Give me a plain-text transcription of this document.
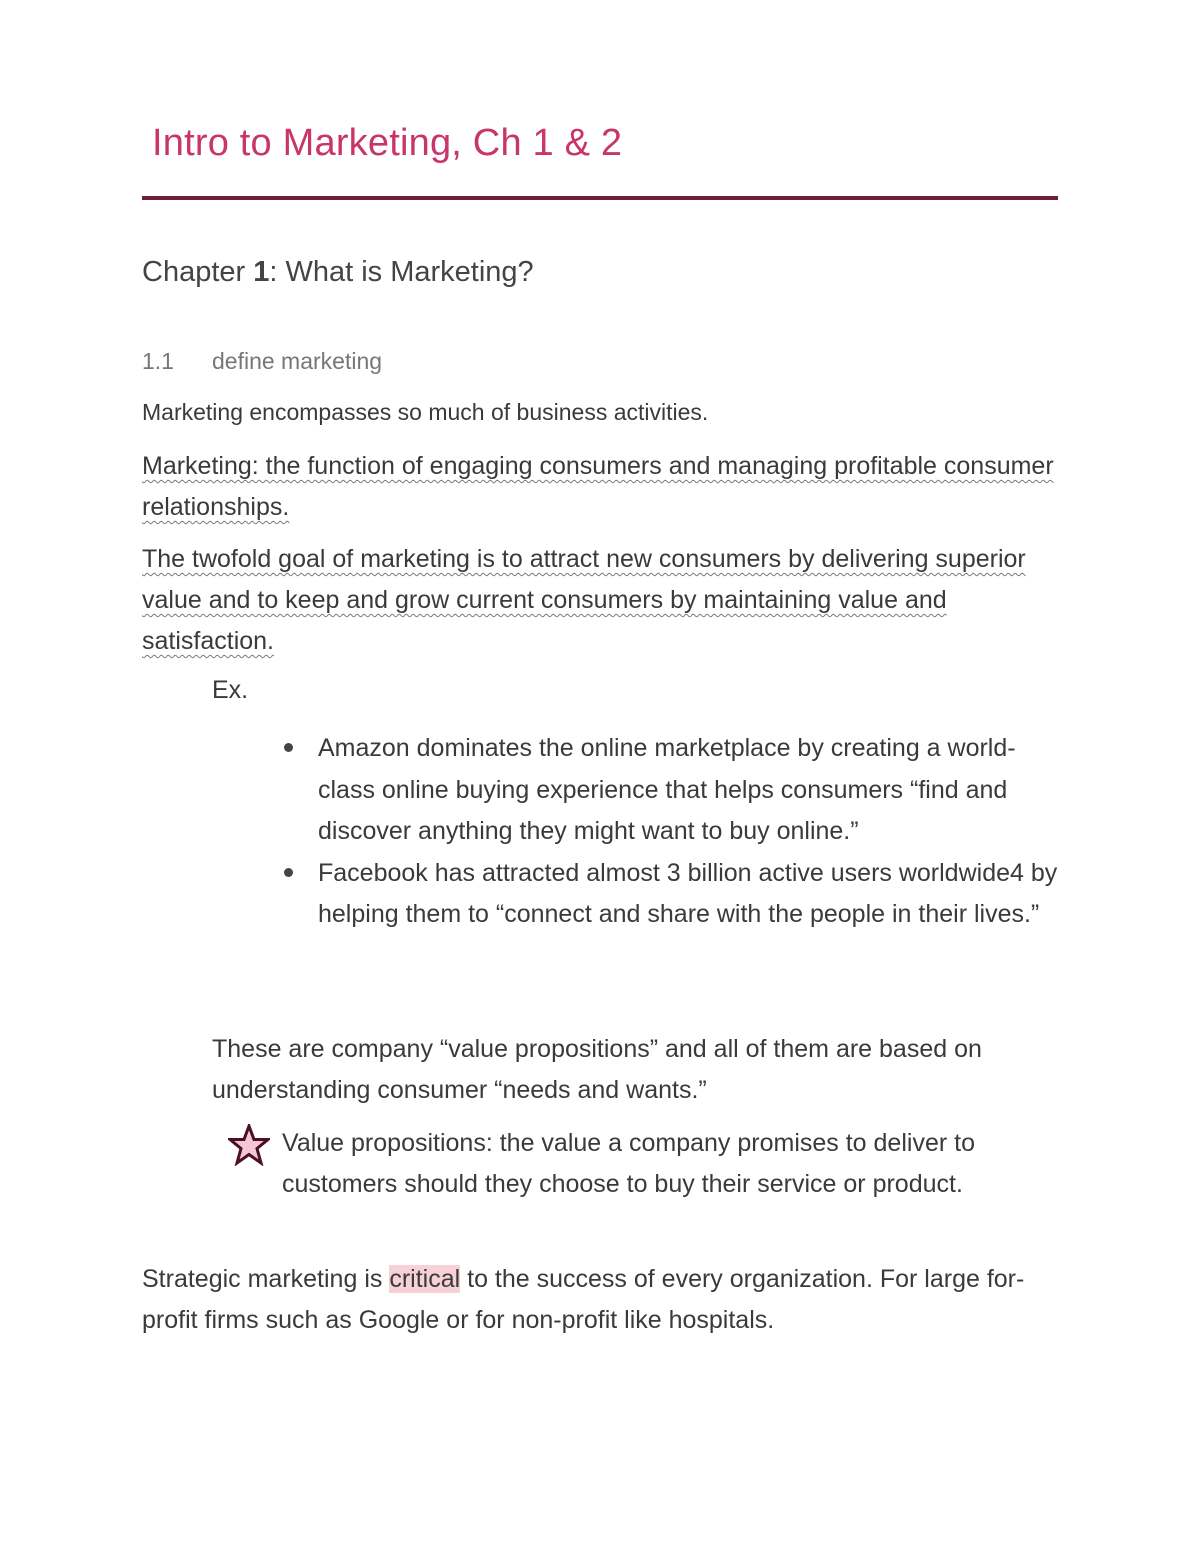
Intro to Marketing, Ch 1 & 2
Chapter 1: What is Marketing?
1.1 define marketing
Marketing encompasses so much of business activities.
Marketing: the function of engaging consumers and managing profitable consumer relationships.
The twofold goal of marketing is to attract new consumers by delivering superior value and to keep and grow current consumers by maintaining value and satisfaction.
Ex.
Amazon dominates the online marketplace by creating a world-class online buying experience that helps consumers “find and discover anything they might want to buy online.”
Facebook has attracted almost 3 billion active users worldwide4 by helping them to “connect and share with the people in their lives.”
These are company “value propositions” and all of them are based on understanding consumer “needs and wants.”
Value propositions: the value a company promises to deliver to customers should they choose to buy their service or product.
Strategic marketing is critical to the success of every organization. For large for-profit firms such as Google or for non-profit like hospitals.
